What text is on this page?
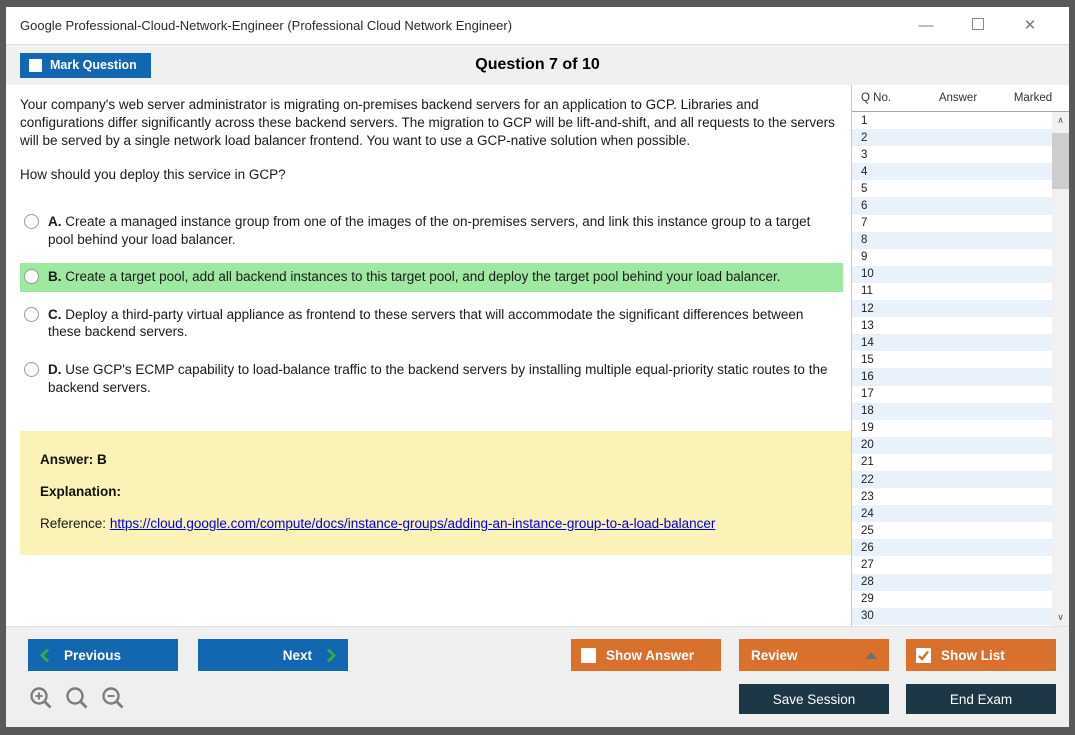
Google Professional-Cloud-Network-Engineer (Professional Cloud Network Engineer)	—	✕
Mark Question	Question 7 of 10
Your company's web server administrator is migrating on-premises backend servers for an application to GCP. Libraries and configurations differ significantly across these backend servers. The migration to GCP will be lift-and-shift, and all requests to the servers will be served by a single network load balancer frontend. You want to use a GCP-native solution when possible.
How should you deploy this service in GCP?
A. Create a managed instance group from one of the images of the on-premises servers, and link this instance group to a target pool behind your load balancer.
B. Create a target pool, add all backend instances to this target pool, and deploy the target pool behind your load balancer.
C. Deploy a third-party virtual appliance as frontend to these servers that will accommodate the significant differences between these backend servers.
D. Use GCP's ECMP capability to load-balance traffic to the backend servers by installing multiple equal-priority static routes to the backend servers.
Answer: B
Explanation:
Reference: https://cloud.google.com/compute/docs/instance-groups/adding-an-instance-group-to-a-load-balancer
Q No.	Answer	Marked
1
2
3
4
5
6
7
8
9
10
11
12
13
14
15
16
17
18
19
20
21
22
23
24
25
26
27
28
29
30
∧
∨
Previous	Next	Show Answer	Review	Show List
Save Session	End Exam
